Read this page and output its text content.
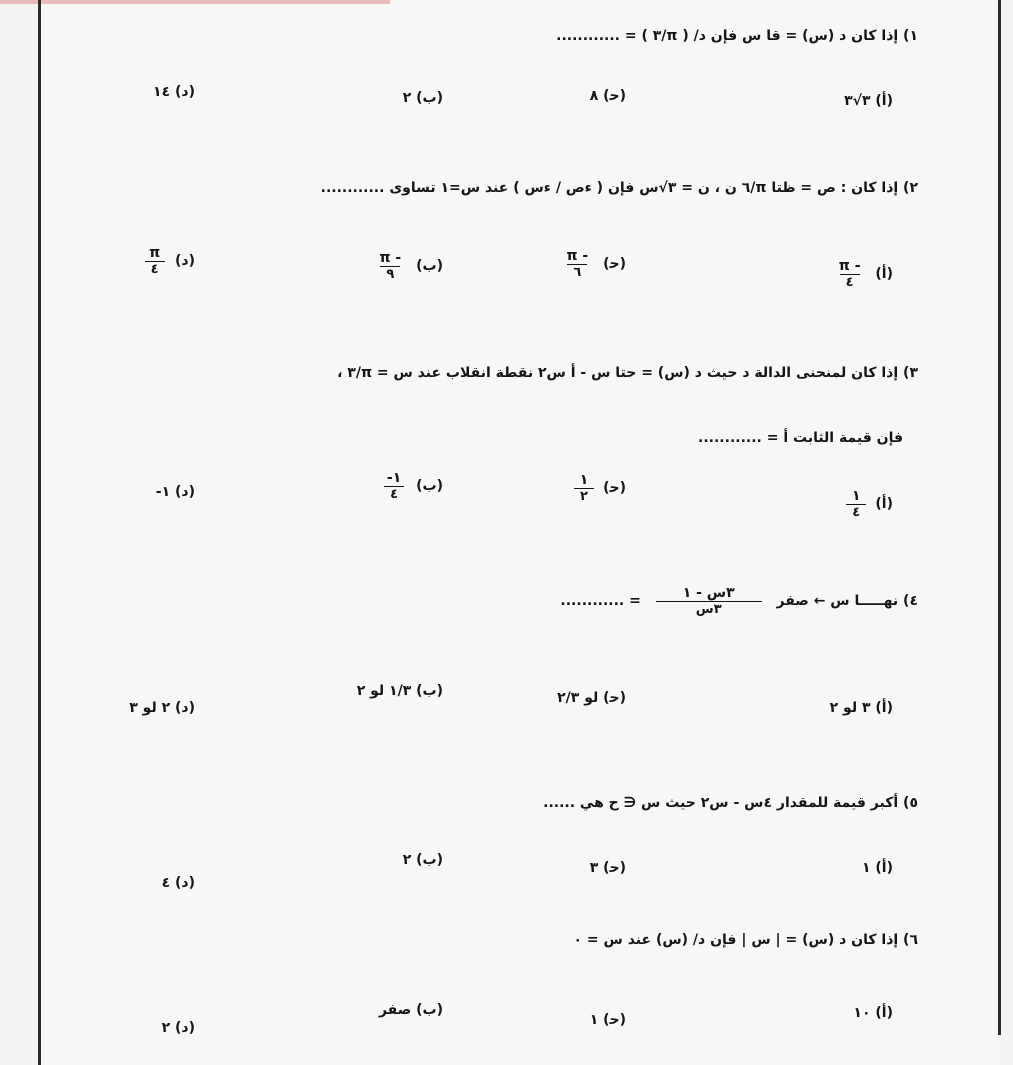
١) إذا كان د (س) = قا س فإن د/ ( π/٣ ) = ............
(أ) ٣√٣
(ب) ٢	(ﺣ) ٨
(د) ١٤
٢) إذا كان : ص = ظتا π/٦ ن ، ن = ٣√س فإن ( ءص / ءس ) عند س=١ تساوى ............
(أ)
$\frac{- \pi}{٤}$
(ب)
$\frac{- \pi}{٩}$	(ﺣ)
$\frac{- \pi}{٦}$
(د)
$\frac{\pi}{٤}$
٣) إذا كان لمنحنى الدالة د حيث د (س) = حتا س - أ س٢ نقطة انقلاب عند س = π/٣ ،
فإن قيمة الثابت أ = ............
(أ)
$\frac{١}{٤}$
(ب)
$\frac{١-}{٤}$	(ﺣ)
$\frac{١}{٢}$
(د) ١-
٤) نهـــــا س ← صفر
$\frac{\text{٣س - ١}}{\text{٣س}}$
= ............
(أ) ٣ لو ٢
(ب) ١/٣ لو ٢	(ﺣ) لو ٢/٣
(د) ٢ لو ٣
٥) أكبر قيمة للمقدار ٤س - س٢ حيث س ∈ ح هي ......
(أ) ١
(ب) ٢	(ﺣ) ٣
(د) ٤
٦) إذا كان د (س) = | س | فإن د/ (س) عند س = ٠
(أ) ١٠
(ب) صفر
(ﺣ) ١
(د) ٢
